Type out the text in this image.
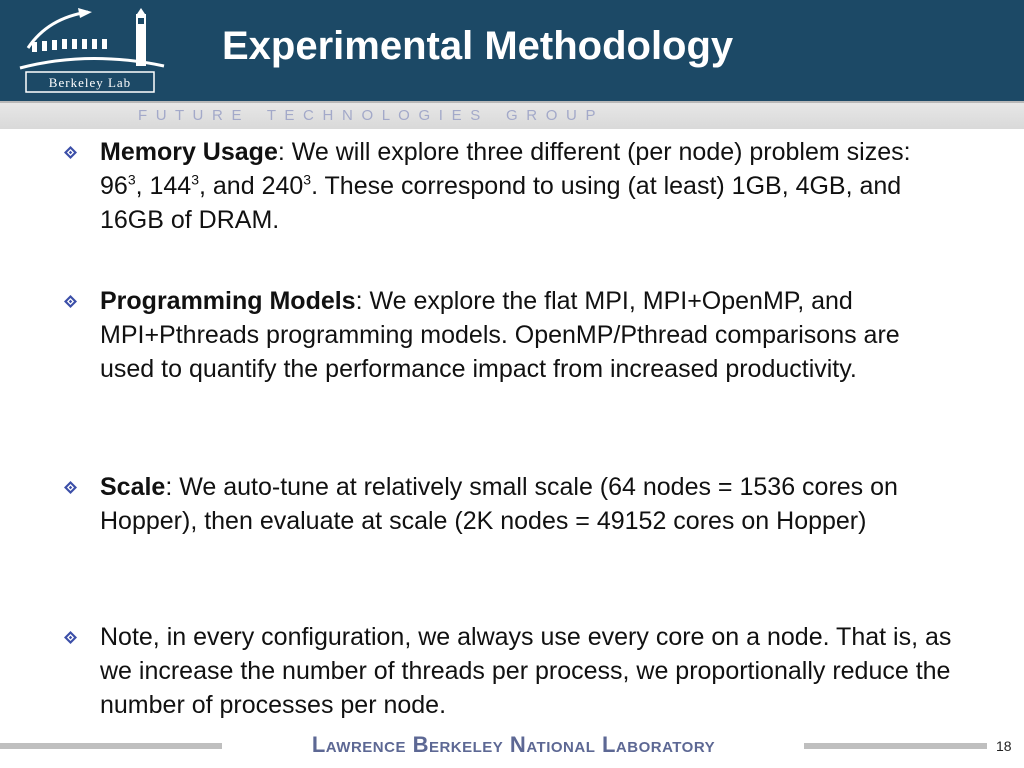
Berkeley Lab
Experimental Methodology
F  U  T  U  R  E      T  E  C  H  N  O  L  O  G  I  E  S      G  R  O  U  P
Memory Usage: We will explore three different (per node) problem sizes: $96^3$, $144^3$, and $240^3$. These correspond to using (at least) 1GB, 4GB, and 16GB of DRAM.
Programming Models: We explore the flat MPI, MPI+OpenMP, and MPI+Pthreads programming models. OpenMP/Pthread comparisons are used to quantify the performance impact from increased productivity.
Scale: We auto-tune at relatively small scale (64 nodes = 1536 cores on Hopper), then evaluate at scale (2K nodes = 49152 cores on Hopper)
Note, in every configuration, we always use every core on a node. That is, as we increase the number of threads per process, we proportionally reduce the number of processes per node.
Lawrence Berkeley National Laboratory	18
